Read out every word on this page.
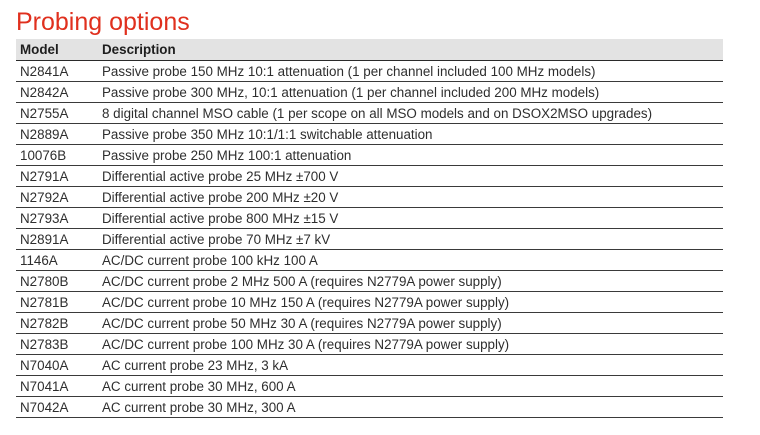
Probing options
Model	Description
N2841A	Passive probe 150 MHz 10:1 attenuation (1 per channel included 100 MHz models)
N2842A	Passive probe 300 MHz, 10:1 attenuation (1 per channel included 200 MHz models)
N2755A	8 digital channel MSO cable (1 per scope on all MSO models and on DSOX2MSO upgrades)
N2889A	Passive probe 350 MHz 10:1/1:1 switchable attenuation
10076B	Passive probe 250 MHz 100:1 attenuation
N2791A	Differential active probe 25 MHz ±700 V
N2792A	Differential active probe 200 MHz ±20 V
N2793A	Differential active probe 800 MHz ±15 V
N2891A	Differential active probe 70 MHz ±7 kV
1146A	AC/DC current probe 100 kHz 100 A
N2780B	AC/DC current probe 2 MHz 500 A (requires N2779A power supply)
N2781B	AC/DC current probe 10 MHz 150 A (requires N2779A power supply)
N2782B	AC/DC current probe 50 MHz 30 A (requires N2779A power supply)
N2783B	AC/DC current probe 100 MHz 30 A (requires N2779A power supply)
N7040A	AC current probe 23 MHz, 3 kA
N7041A	AC current probe 30 MHz, 600 A
N7042A	AC current probe 30 MHz, 300 A
